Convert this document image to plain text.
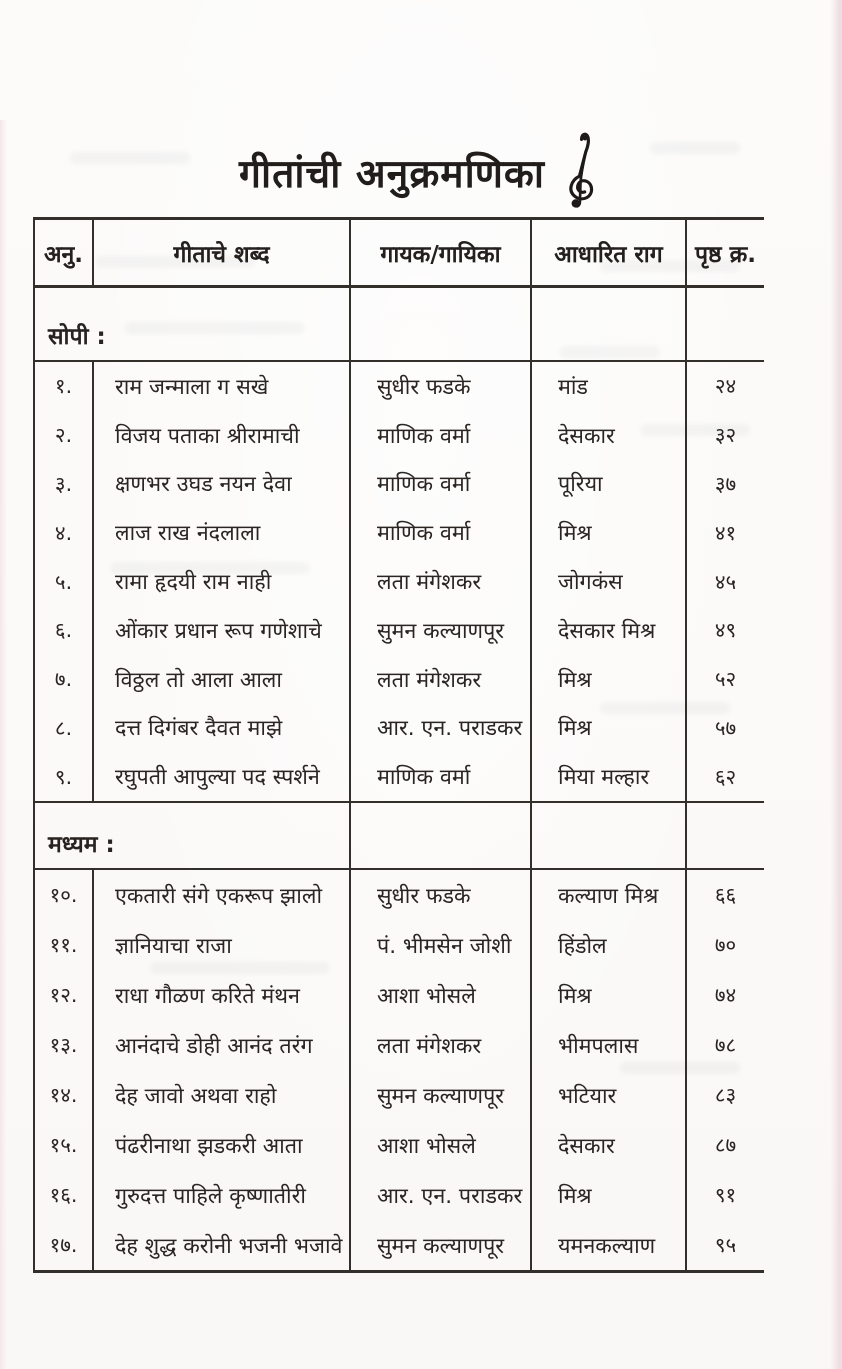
गीतांची अनुक्रमणिका
अनु.	गीताचे शब्द	गायक/गायिका	आधारित राग	पृष्ठ क्र.
सोपी :
१.	राम जन्माला ग सखे	सुधीर फडके	मांड	२४
२.	विजय पताका श्रीरामाची	माणिक वर्मा	देसकार	३२
३.	क्षणभर उघड नयन देवा	माणिक वर्मा	पूरिया	३७
४.	लाज राख नंदलाला	माणिक वर्मा	मिश्र	४१
५.	रामा हृदयी राम नाही	लता मंगेशकर	जोगकंस	४५
६.	ओंकार प्रधान रूप गणेशाचे	सुमन कल्याणपूर	देसकार मिश्र	४९
७.	विठ्ठल तो आला आला	लता मंगेशकर	मिश्र	५२
८.	दत्त दिगंबर दैवत माझे	आर. एन. पराडकर	मिश्र	५७
९.	रघुपती आपुल्या पद स्पर्शने	माणिक वर्मा	मिया मल्हार	६२
मध्यम :
१०.	एकतारी संगे एकरूप झालो	सुधीर फडके	कल्याण मिश्र	६६
११.	ज्ञानियाचा राजा	पं. भीमसेन जोशी	हिंडोल	७०
१२.	राधा गौळण करिते मंथन	आशा भोसले	मिश्र	७४
१३.	आनंदाचे डोही आनंद तरंग	लता मंगेशकर	भीमपलास	७८
१४.	देह जावो अथवा राहो	सुमन कल्याणपूर	भटियार	८३
१५.	पंढरीनाथा झडकरी आता	आशा भोसले	देसकार	८७
१६.	गुरुदत्त पाहिले कृष्णातीरी	आर. एन. पराडकर	मिश्र	९१
१७.	देह शुद्ध करोनी भजनी भजावे	सुमन कल्याणपूर	यमनकल्याण	९५
